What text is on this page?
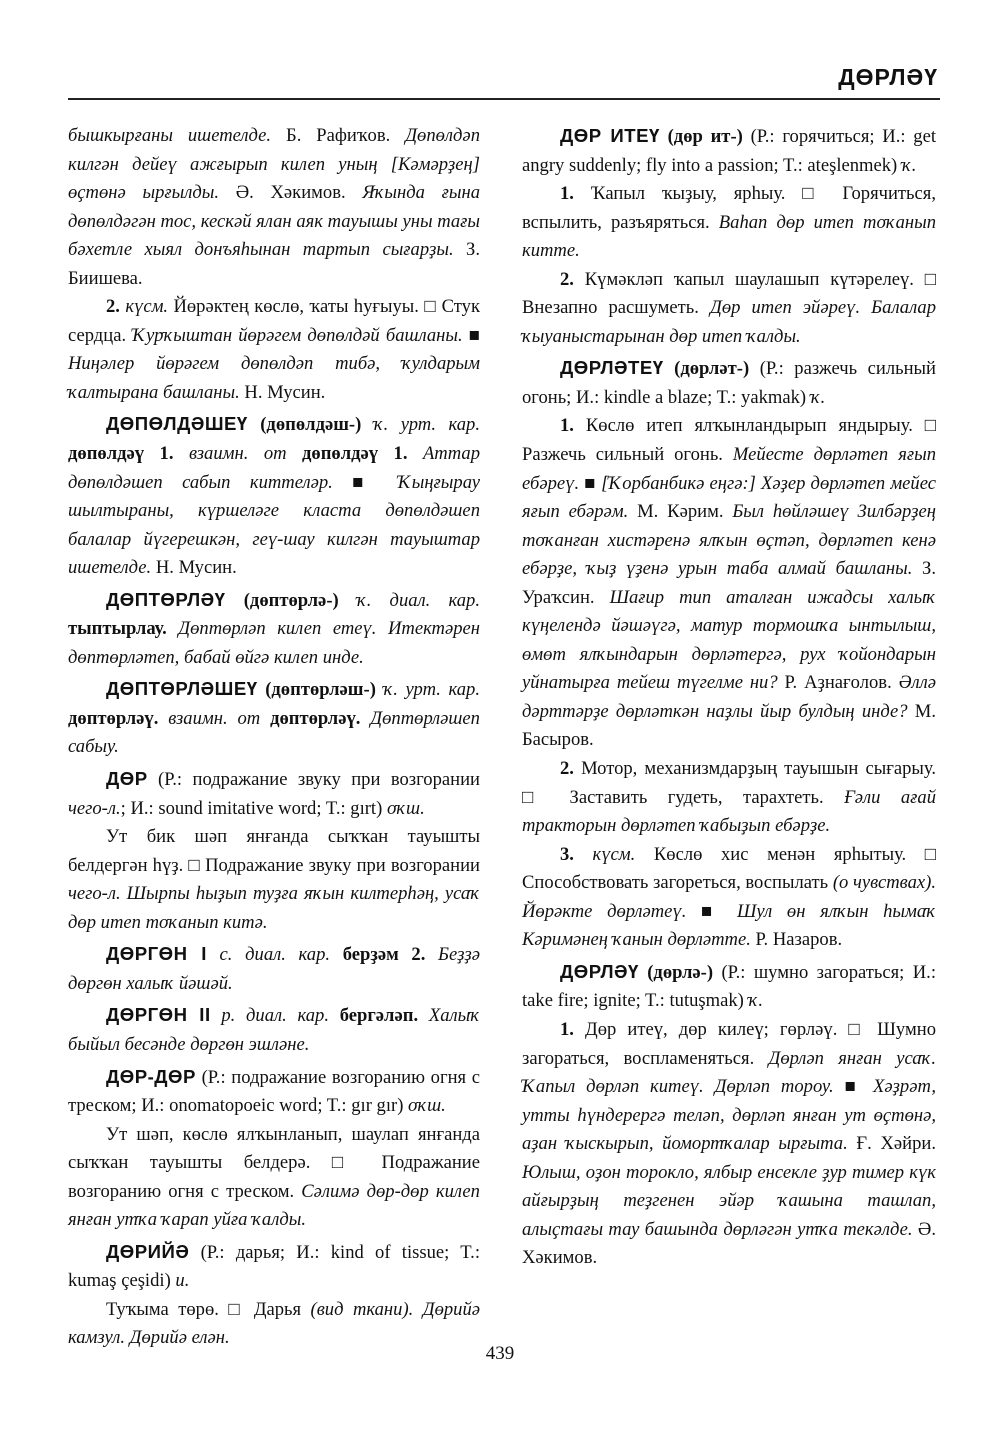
ДӨРЛӘҮ

бышкырғаны ишетелде. Б. Рафиҡов. Дөпөлдәп килгән дейеү ажғырып килеп уның [Кәмәрҙең] өҫтөнә ырғылды. Ә. Хәкимов. Яҡында ғына дөпөлдәгән тос, кескәй ялан аяк тауышы уны тағы бәхетле хыял донъяһынан тартып сығарҙы. З. Биишева.

2. күсм. Йөрәктең көслө, ҡаты һуғыуы. □ Стук сердца. Ҡурҡыштан йөрәгем дөпөлдәй башланы. ■ Ниңәлер йөрәгем дөпөлдәп тибә, ҡулдарым ҡалтырана башланы. Н. Мусин.

ДӨПӨЛДӘШЕҮ (дөпөлдәш-) ҡ. урт. кар. дөпөлдәү 1. взаимн. от дөпөлдәү 1. Аттар дөпөлдәшеп сабып киттеләр. ■ Ҡыңғырау шылтыраны, күршеләге класта дөпөлдәшеп балалар йүгерешкән, геү-шау килгән тауыштар ишетелде. Н. Мусин.

ДӨПТӨРЛӘҮ (дөптөрлә-) ҡ. диал. кар. тыптырлау. Дөптөрләп килеп етеү. Итектәрен дөптөрләтеп, бабай өйгә килеп инде.

ДӨПТӨРЛӘШЕҮ (дөптөрләш-) ҡ. урт. кар. дөптөрләү. взаимн. от дөптөрләү. Дөптөрләшеп сабыу.

ДӨР (Р.: подражание звуку при возгорании чего-л.; И.: sound imitative word; T.: gırt) оҡш.

Ут бик шәп янғанда сыҡҡан тауышты белдергән һүҙ. □ Подражание звуку при возгорании чего-л. Шырпы һыҙып туҙға яҡын килтерһәң, усаҡ дөр итеп тоҡанып китә.

ДӨРГӨН I с. диал. кар. берҙәм 2. Беҙҙә дөргөн халыҡ йәшәй.

ДӨРГӨН II р. диал. кар. бергәләп. Халыҡ быйыл бесәнде дөргөн эшләне.

ДӨР-ДӨР (Р.: подражание возгоранию огня с треском; И.: onomatopoeic word; T.: gır gır) оҡш.

Ут шәп, көслө ялҡынланып, шаулап янғанда сыҡҡан тауышты белдерә. □ Подражание возгоранию огня с треском. Сәлимә дөр-дөр килеп янған утҡа ҡарап уйға ҡалды.

ДӨРИЙӘ (Р.: дарья; И.: kind of tissue; T.: kumaş çeşidi) и.

Туҡыма төрө. □ Дарья (вид ткани). Дөрийә камзул. Дөрийә елән.

ДӨР ИТЕҮ (дөр ит-) (Р.: горячиться; И.: get angry suddenly; fly into a passion; T.: ateşlenmek) ҡ.

1. Ҡапыл ҡыҙыу, ярһыу. □ Горячиться, вспылить, разъяряться. Ваһап дөр итеп тоҡанып китте.

2. Күмәкләп ҡапыл шаулашып күтәрелеү. □ Внезапно расшуметь. Дөр итеп эйәреү. Балалар ҡыуаныстарынан дөр итеп ҡалды.

ДӨРЛӘТЕҮ (дөрләт-) (Р.: разжечь сильный огонь; И.: kindle a blaze; T.: yakmak) ҡ.

1. Көслө итеп ялҡынландырып яндырыу. □ Разжечь сильный огонь. Мейесте дөрләтеп яғып ебәреү. ■ [Ҡорбанбикә еңгә:] Хәҙер дөрләтеп мейес яғып ебәрәм. М. Кәрим. Был һөйләшеү Зилбәрҙең тоҡанған хистәренә ялҡын өҫтәп, дөрләтеп кенә ебәрҙе, ҡыҙ үҙенә урын таба алмай башланы. З. Ураҡсин. Шағир тип аталған ижадсы халыҡ күңелендә йәшәүгә, матур тормошҡа ынтылыш, өмөт ялҡындарын дөрләтергә, рух ҡойондарын уйнатырға тейеш түгелме ни? Р. Аҙнағолов. Әллә дәрттәрҙе дөрләткән наҙлы йыр булдың инде? М. Басыров.

2. Мотор, механизмдарҙың тауышын сығарыу. □ Заставить гудеть, тарахтеть. Ғәли ағай тракторын дөрләтеп ҡабыҙып ебәрҙе.

3. күсм. Көслө хис менән ярһытыу. □ Способствовать загореться, воспылать (о чувствах). Йөрәкте дөрләтеү. ■ Шул өн ялҡын һымаҡ Кәримәнең ҡанын дөрләтте. Р. Назаров.

ДӨРЛӘҮ (дөрлә-) (Р.: шумно загораться; И.: take fire; ignite; T.: tutuşmak) ҡ.

1. Дөр итеү, дөр килеү; гөрләү. □ Шумно загораться, воспламеняться. Дөрләп янған усаҡ. Ҡапыл дөрләп китеү. Дөрләп тороу. ■ Хәҙрәт, утты һүндерергә теләп, дөрләп янған ут өҫтөнә, аҙан ҡыскырып, йомортҡалар ырғыта. Ғ. Хәйри. Юлыш, оҙон торокло, ялбыр енсекле ҙур тимер күк айғырҙың теҙгенен эйәр ҡашына ташлап, алыҫтағы тау башында дөрләгән утҡа текәлде. Ә. Хәкимов.

439
